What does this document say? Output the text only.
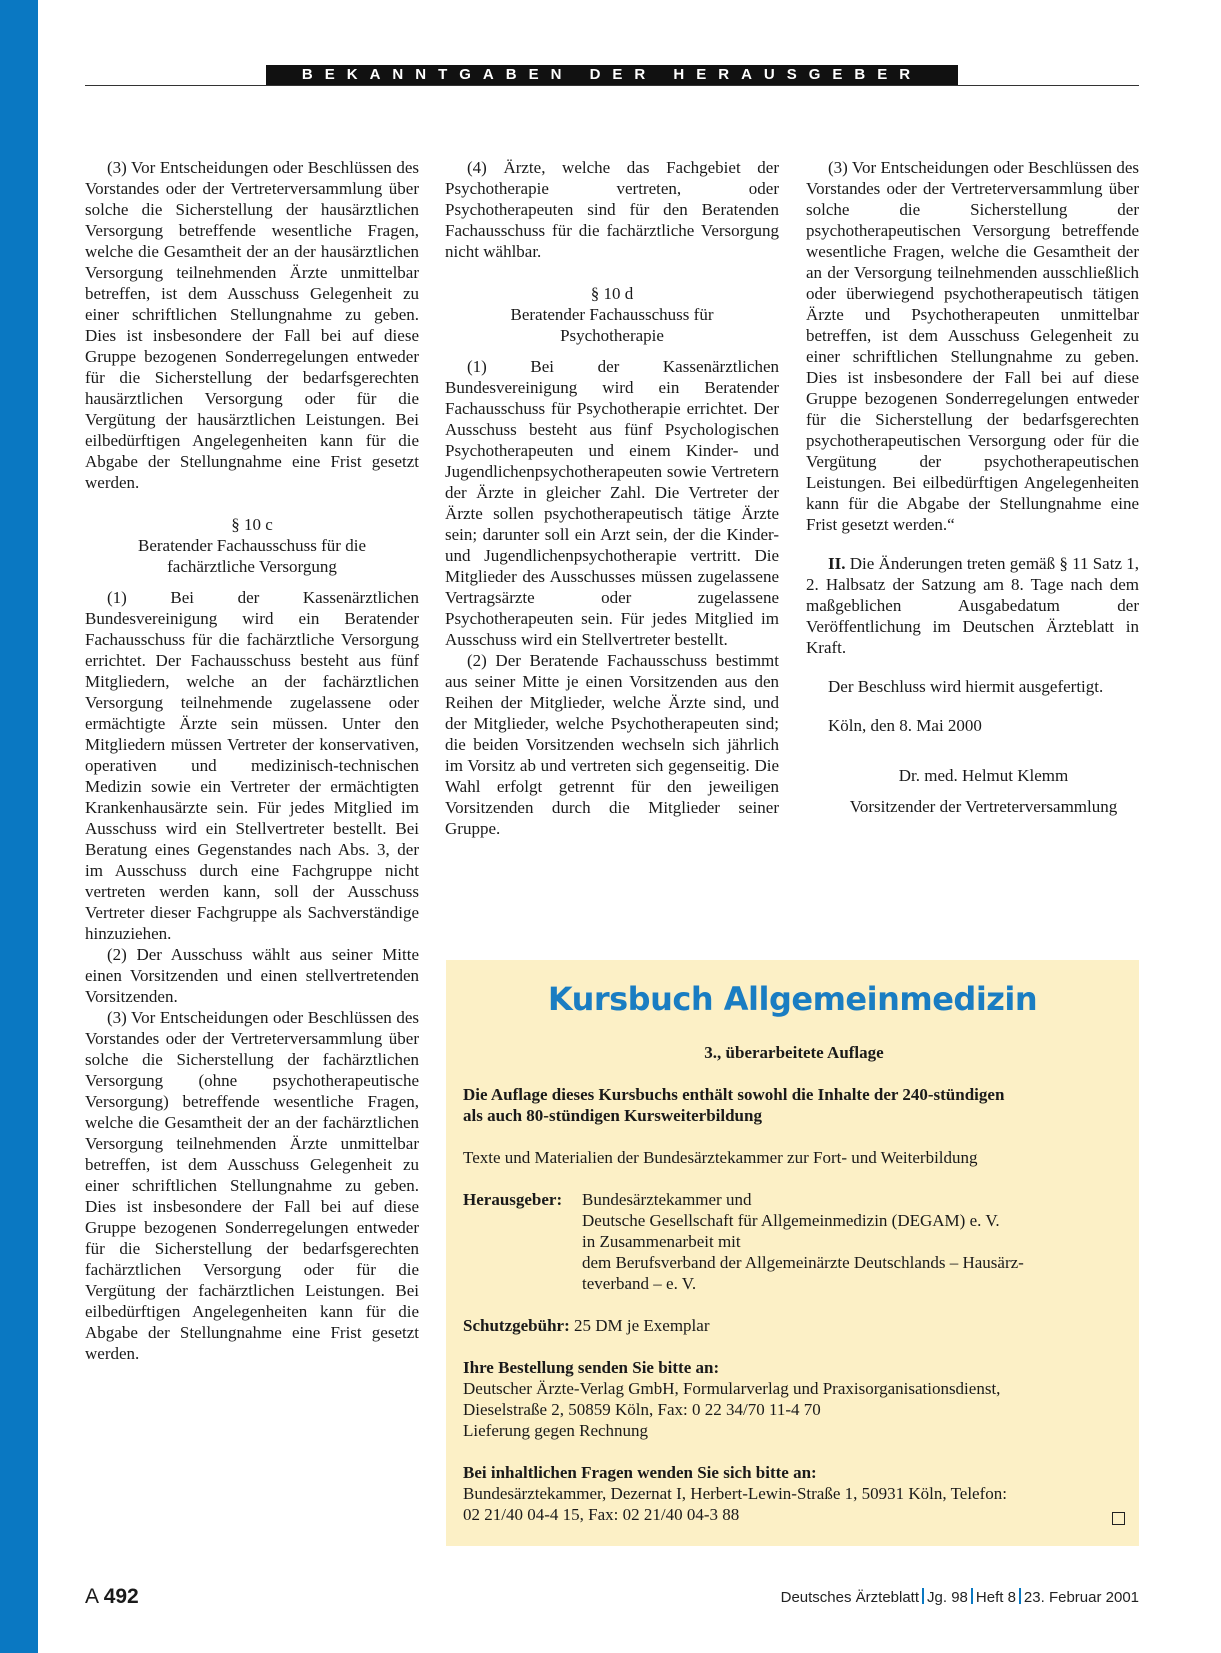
BEKANNTGABEN DER HERAUSGEBER

(3) Vor Entscheidungen oder Beschlüssen des Vorstandes oder der Vertreterversammlung über solche die Sicherstellung der hausärztlichen Versorgung betreffende wesentliche Fragen, welche die Gesamtheit der an der hausärztlichen Versorgung teilnehmenden Ärzte unmittelbar betreffen, ist dem Ausschuss Gelegenheit zu einer schriftlichen Stellungnahme zu geben. Dies ist insbesondere der Fall bei auf diese Gruppe bezogenen Sonderregelungen entweder für die Sicherstellung der bedarfsgerechten hausärztlichen Versorgung oder für die Vergütung der hausärztlichen Leistungen. Bei eilbedürftigen Angelegenheiten kann für die Abgabe der Stellungnahme eine Frist gesetzt werden.

§ 10 c

Beratender Fachausschuss für die

fachärztliche Versorgung

(1) Bei der Kassenärztlichen Bundesvereinigung wird ein Beratender Fachausschuss für die fachärztliche Versorgung errichtet. Der Fachausschuss besteht aus fünf Mitgliedern, welche an der fachärztlichen Versorgung teilnehmende zugelassene oder ermächtigte Ärzte sein müssen. Unter den Mitgliedern müssen Vertreter der konservativen, operativen und medizinisch-technischen Medizin sowie ein Vertreter der ermächtigten Krankenhausärzte sein. Für jedes Mitglied im Ausschuss wird ein Stellvertreter bestellt. Bei Beratung eines Gegenstandes nach Abs. 3, der im Ausschuss durch eine Fachgruppe nicht vertreten werden kann, soll der Ausschuss Vertreter dieser Fachgruppe als Sachverständige hinzuziehen.

(2) Der Ausschuss wählt aus seiner Mitte einen Vorsitzenden und einen stellvertretenden Vorsitzenden.

(3) Vor Entscheidungen oder Beschlüssen des Vorstandes oder der Vertreterversammlung über solche die Sicherstellung der fachärztlichen Versorgung (ohne psychotherapeutische Versorgung) betreffende wesentliche Fragen, welche die Gesamtheit der an der fachärztlichen Versorgung teilnehmenden Ärzte unmittelbar betreffen, ist dem Ausschuss Gelegenheit zu einer schriftlichen Stellungnahme zu geben. Dies ist insbesondere der Fall bei auf diese Gruppe bezogenen Sonderregelungen entweder für die Sicherstellung der bedarfsgerechten fachärztlichen Versorgung oder für die Vergütung der fachärztlichen Leistungen. Bei eilbedürftigen Angelegenheiten kann für die Abgabe der Stellungnahme eine Frist gesetzt werden.

(4) Ärzte, welche das Fachgebiet der Psychotherapie vertreten, oder Psychotherapeuten sind für den Beratenden Fachausschuss für die fachärztliche Versorgung nicht wählbar.

§ 10 d

Beratender Fachausschuss für

Psychotherapie

(1) Bei der Kassenärztlichen Bundesvereinigung wird ein Beratender Fachausschuss für Psychotherapie errichtet. Der Ausschuss besteht aus fünf Psychologischen Psychotherapeuten und einem Kinder- und Jugendlichenpsychotherapeuten sowie Vertretern der Ärzte in gleicher Zahl. Die Vertreter der Ärzte sollen psychotherapeutisch tätige Ärzte sein; darunter soll ein Arzt sein, der die Kinder- und Jugendlichenpsychotherapie vertritt. Die Mitglieder des Ausschusses müssen zugelassene Vertragsärzte oder zugelassene Psychotherapeuten sein. Für jedes Mitglied im Ausschuss wird ein Stellvertreter bestellt.

(2) Der Beratende Fachausschuss bestimmt aus seiner Mitte je einen Vorsitzenden aus den Reihen der Mitglieder, welche Ärzte sind, und der Mitglieder, welche Psychotherapeuten sind; die beiden Vorsitzenden wechseln sich jährlich im Vorsitz ab und vertreten sich gegenseitig. Die Wahl erfolgt getrennt für den jeweiligen Vorsitzenden durch die Mitglieder seiner Gruppe.

(3) Vor Entscheidungen oder Beschlüssen des Vorstandes oder der Vertreterversammlung über solche die Sicherstellung der psychotherapeutischen Versorgung betreffende wesentliche Fragen, welche die Gesamtheit der an der Versorgung teilnehmenden ausschließlich oder überwiegend psychotherapeutisch tätigen Ärzte und Psychotherapeuten unmittelbar betreffen, ist dem Ausschuss Gelegenheit zu einer schriftlichen Stellungnahme zu geben. Dies ist insbesondere der Fall bei auf diese Gruppe bezogenen Sonderregelungen entweder für die Sicherstellung der bedarfsgerechten psychotherapeutischen Versorgung oder für die Vergütung der psychotherapeutischen Leistungen. Bei eilbedürftigen Angelegenheiten kann für die Abgabe der Stellungnahme eine Frist gesetzt werden.“

II. Die Änderungen treten gemäß § 11 Satz 1, 2. Halbsatz der Satzung am 8. Tage nach dem maßgeblichen Ausgabedatum der Veröffentlichung im Deutschen Ärzteblatt in Kraft.

Der Beschluss wird hiermit ausgefertigt.

Köln, den 8. Mai 2000

Dr. med. Helmut Klemm

Vorsitzender der Vertreterversammlung

Kursbuch Allgemeinmedizin

3., überarbeitete Auflage

Die Auflage dieses Kursbuchs enthält sowohl die Inhalte der 240-stündigen

als auch 80-stündigen Kursweiterbildung

Texte und Materialien der Bundesärztekammer zur Fort- und Weiterbildung

Herausgeber:	Bundesärztekammer und

Deutsche Gesellschaft für Allgemeinmedizin (DEGAM) e. V.

in Zusammenarbeit mit

dem Berufsverband der Allgemeinärzte Deutschlands – Hausärz-

teverband – e. V.

Schutzgebühr: 25 DM je Exemplar

Ihre Bestellung senden Sie bitte an:

Deutscher Ärzte-Verlag GmbH, Formularverlag und Praxisorganisationsdienst,

Dieselstraße 2, 50859 Köln, Fax: 0 22 34/70 11-4 70

Lieferung gegen Rechnung

Bei inhaltlichen Fragen wenden Sie sich bitte an:

Bundesärztekammer, Dezernat I, Herbert-Lewin-Straße 1, 50931 Köln, Telefon:

02 21/40 04-4 15, Fax: 02 21/40 04-3 88

A 492	Deutsches Ärzteblatt Jg. 98 Heft 8 23. Februar 2001
